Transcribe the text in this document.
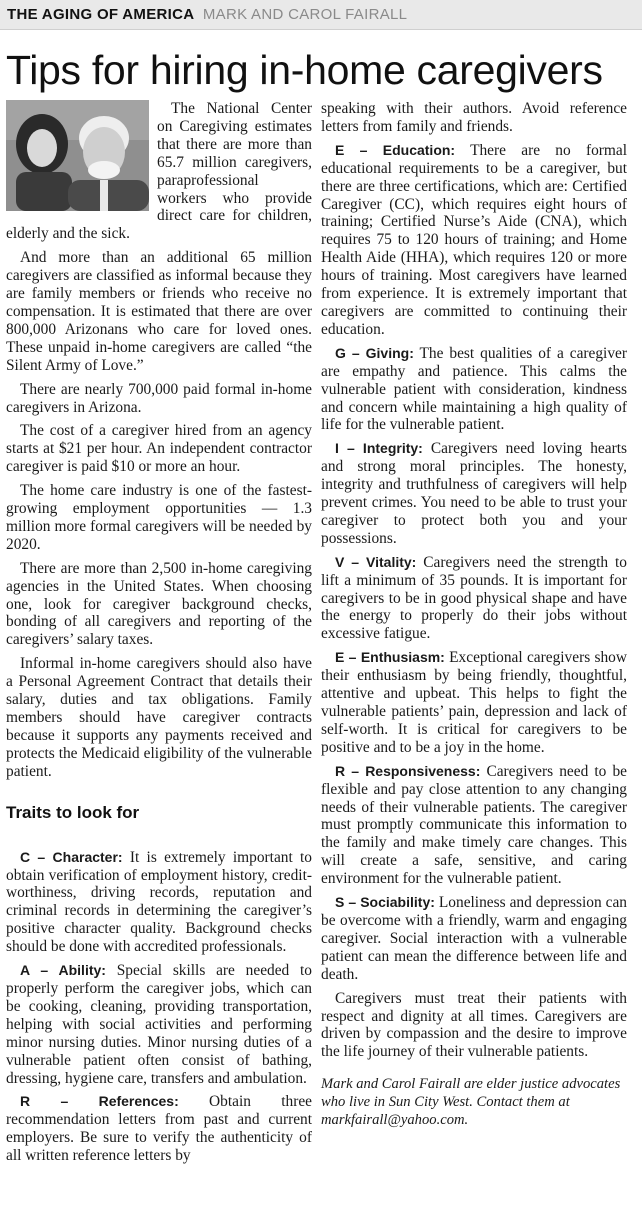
THE AGING OF AMERICA MARK AND CAROL FAIRALL
Tips for hiring in-home caregivers

The National Center on Caregiving estimates that there are more than 65.7 million caregivers, paraprofessional workers who provide direct care for children, elderly and the sick.

And more than an additional 65 million caregivers are classified as informal because they are family members or friends who receive no compensation. It is estimated that there are over 800,000 Arizonans who care for loved ones. These unpaid in-home caregivers are called “the Silent Army of Love.”

There are nearly 700,000 paid formal in-home caregivers in Arizona.

The cost of a caregiver hired from an agency starts at $21 per hour. An independent contractor caregiver is paid $10 or more an hour.

The home care industry is one of the fastest-growing employment opportunities — 1.3 million more formal caregivers will be needed by 2020.

There are more than 2,500 in-home caregiving agencies in the United States. When choosing one, look for caregiver background checks, bonding of all caregivers and reporting of the caregivers’ salary taxes.

Informal in-home caregivers should also have a Personal Agreement Contract that details their salary, duties and tax obligations. Family members should have caregiver contracts because it supports any payments received and protects the Medicaid eligibility of the vulnerable patient.

Traits to look for

C – Character: It is extremely important to obtain verification of employment history, credit-worthiness, driving records, reputation and criminal records in determining the caregiver’s positive character quality. Background checks should be done with accredited professionals.

A – Ability: Special skills are needed to properly perform the caregiver jobs, which can be cooking, cleaning, providing transportation, helping with social activities and performing minor nursing duties. Minor nursing duties of a vulnerable patient often consist of bathing, dressing, hygiene care, transfers and ambulation.

R – References: Obtain three recommendation letters from past and current employers. Be sure to verify the authenticity of all written reference letters by

speaking with their authors. Avoid reference letters from family and friends.

E – Education: There are no formal educational requirements to be a caregiver, but there are three certifications, which are: Certified Caregiver (CC), which requires eight hours of training; Certified Nurse’s Aide (CNA), which requires 75 to 120 hours of training; and Home Health Aide (HHA), which requires 120 or more hours of training. Most caregivers have learned from experience. It is extremely important that caregivers are committed to continuing their education.

G – Giving: The best qualities of a caregiver are empathy and patience. This calms the vulnerable patient with consideration, kindness and concern while maintaining a high quality of life for the vulnerable patient.

I – Integrity: Caregivers need loving hearts and strong moral principles. The honesty, integrity and truthfulness of caregivers will help prevent crimes. You need to be able to trust your caregiver to protect both you and your possessions.

V – Vitality: Caregivers need the strength to lift a minimum of 35 pounds. It is important for caregivers to be in good physical shape and have the energy to properly do their jobs without excessive fatigue.

E – Enthusiasm: Exceptional caregivers show their enthusiasm by being friendly, thoughtful, attentive and upbeat. This helps to fight the vulnerable patients’ pain, depression and lack of self-worth. It is critical for caregivers to be positive and to be a joy in the home.

R – Responsiveness: Caregivers need to be flexible and pay close attention to any changing needs of their vulnerable patients. The caregiver must promptly communicate this information to the family and make timely care changes. This will create a safe, sensitive, and caring environment for the vulnerable patient.

S – Sociability: Loneliness and depression can be overcome with a friendly, warm and engaging caregiver. Social interaction with a vulnerable patient can mean the difference between life and death.

Caregivers must treat their patients with respect and dignity at all times. Caregivers are driven by compassion and the desire to improve the life journey of their vulnerable patients.

Mark and Carol Fairall are elder justice advocates who live in Sun City West. Contact them at markfairall@yahoo.com.
